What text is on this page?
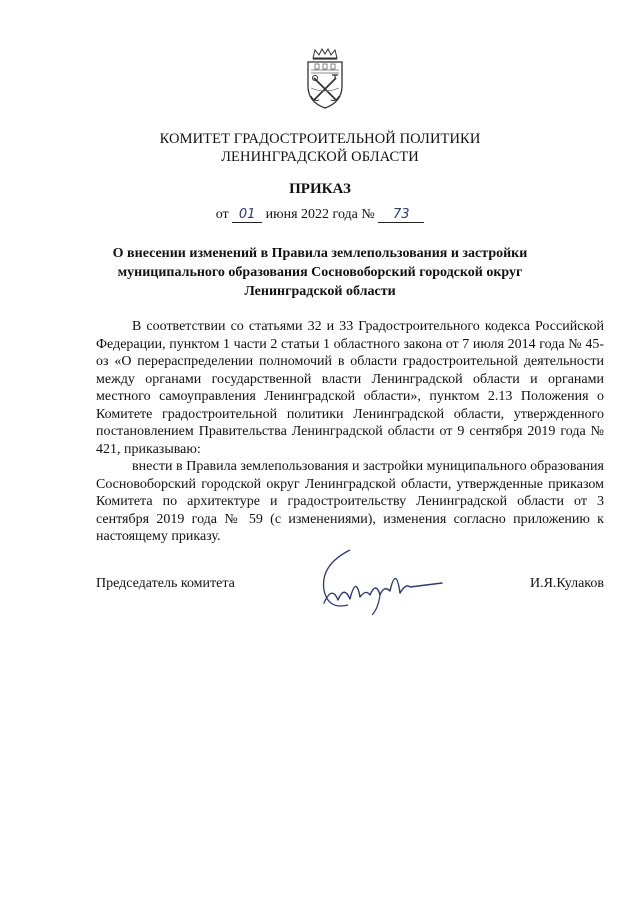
КОМИТЕТ ГРАДОСТРОИТЕЛЬНОЙ ПОЛИТИКИ
ЛЕНИНГРАДСКОЙ ОБЛАСТИ
ПРИКАЗ
от 01 июня 2022 года № 73
О внесении изменений в Правила землепользования и застройки муниципального образования Сосновоборский городской округ Ленинградской области

В соответствии со статьями 32 и 33 Градостроительного кодекса Российской Федерации, пунктом 1 части 2 статьи 1 областного закона от 7 июля 2014 года № 45-оз «О перераспределении полномочий в области градостроительной деятельности между органами государственной власти Ленинградской области и органами местного самоуправления Ленинградской области», пунктом 2.13 Положения о Комитете градостроительной политики Ленинградской области, утвержденного постановлением Правительства Ленинградской области от 9 сентября 2019 года № 421, приказываю:

внести в Правила землепользования и застройки муниципального образования Сосновоборский городской округ Ленинградской области, утвержденные приказом Комитета по архитектуре и градостроительству Ленинградской области от 3 сентября 2019 года № 59 (с изменениями), изменения согласно приложению к настоящему приказу.

Председатель комитета	И.Я.Кулаков
